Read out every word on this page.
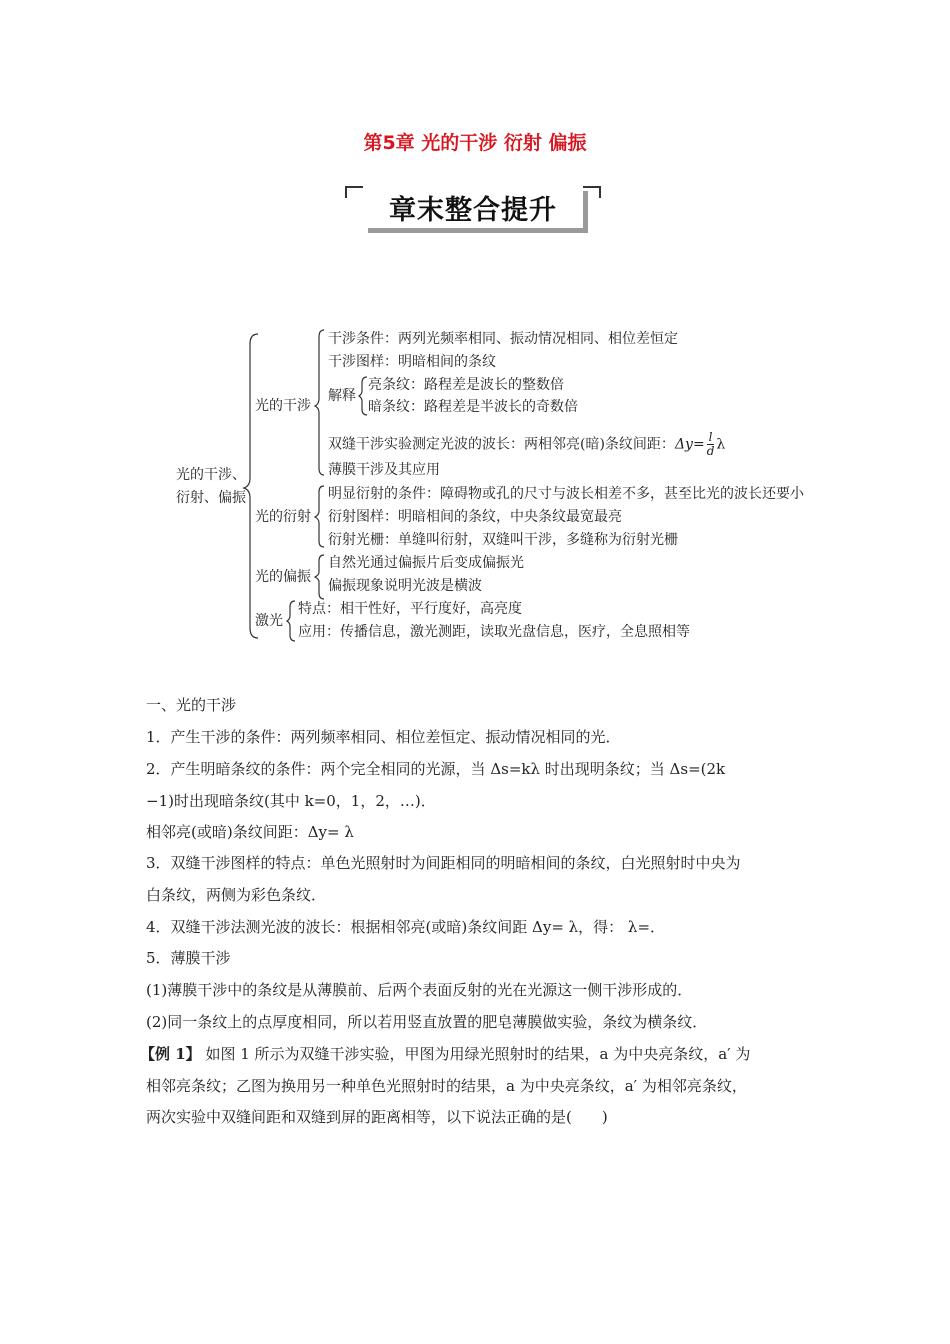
第5章 光的干涉 衍射 偏振
章末整合提升
光的干涉、
衍射、偏振
光的干涉
干涉条件：两列光频率相同、振动情况相同、相位差恒定
干涉图样：明暗相间的条纹
解释
亮条纹：路程差是波长的整数倍
暗条纹：路程差是半波长的奇数倍
双缝干涉实验测定光波的波长：两相邻亮(暗)条纹间距：$\Delta y= \frac{l}{d}$ λ
薄膜干涉及其应用
光的衍射
明显衍射的条件：障碍物或孔的尺寸与波长相差不多，甚至比光的波长还要小
衍射图样：明暗相间的条纹，中央条纹最宽最亮
衍射光栅：单缝叫衍射，双缝叫干涉，多缝称为衍射光栅
光的偏振
自然光通过偏振片后变成偏振光
偏振现象说明光波是横波
激光
特点：相干性好，平行度好，高亮度
应用：传播信息，激光测距，读取光盘信息，医疗，全息照相等
一、光的干涉
1．产生干涉的条件：两列频率相同、相位差恒定、振动情况相同的光．
2．产生明暗条纹的条件：两个完全相同的光源，当 Δs=kλ 时出现明条纹；当 Δs=(2k
−1)时出现暗条纹(其中 k=0，1，2，…)．
相邻亮(或暗)条纹间距：Δy= λ
3．双缝干涉图样的特点：单色光照射时为间距相同的明暗相间的条纹，白光照射时中央为
白条纹，两侧为彩色条纹．
4．双缝干涉法测光波的波长：根据相邻亮(或暗)条纹间距 Δy= λ，得： λ=．
5．薄膜干涉
(1)薄膜干涉中的条纹是从薄膜前、后两个表面反射的光在光源这一侧干涉形成的．
(2)同一条纹上的点厚度相同，所以若用竖直放置的肥皂薄膜做实验，条纹为横条纹．
【例 1】 如图 1 所示为双缝干涉实验，甲图为用绿光照射时的结果，a 为中央亮条纹，a′ 为
相邻亮条纹；乙图为换用另一种单色光照射时的结果，a 为中央亮条纹，a′ 为相邻亮条纹，
两次实验中双缝间距和双缝到屏的距离相等，以下说法正确的是(　　)
